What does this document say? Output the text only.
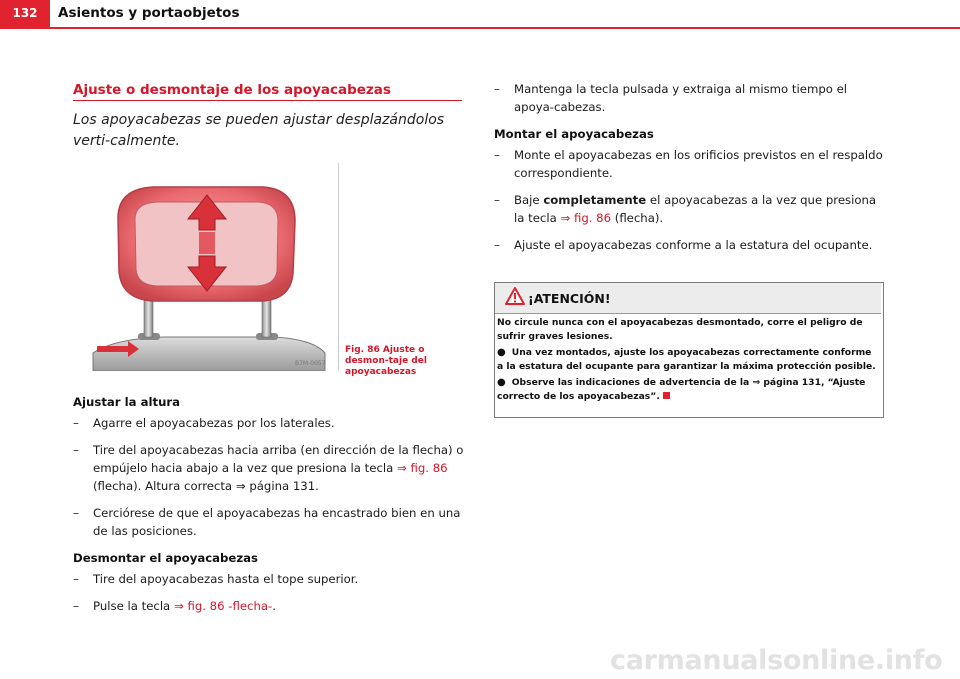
132	Asientos y portaobjetos
Ajuste o desmontaje de los apoyacabezas
Los apoyacabezas se pueden ajustar desplazándolos verti-calmente.
B7M-0057
Fig. 86 Ajuste o desmon-taje del apoyacabezas
Ajustar la altura
– Agarre el apoyacabezas por los laterales.
– Tire del apoyacabezas hacia arriba (en dirección de la flecha) o empújelo hacia abajo a la vez que presiona la tecla ⇒ fig. 86 (flecha). Altura correcta ⇒ página 131.
– Cerciórese de que el apoyacabezas ha encastrado bien en una de las posiciones.
Desmontar el apoyacabezas
– Tire del apoyacabezas hasta el tope superior.
– Pulse la tecla ⇒ fig. 86 -flecha-.
– Mantenga la tecla pulsada y extraiga al mismo tiempo el apoya-cabezas.
Montar el apoyacabezas
– Monte el apoyacabezas en los orificios previstos en el respaldo correspondiente.
– Baje completamente el apoyacabezas a la vez que presiona la tecla ⇒ fig. 86 (flecha).
– Ajuste el apoyacabezas conforme a la estatura del ocupante.
¡ATENCIÓN!
No circule nunca con el apoyacabezas desmontado, corre el peligro de sufrir graves lesiones.
● Una vez montados, ajuste los apoyacabezas correctamente conforme a la estatura del ocupante para garantizar la máxima protección posible.
● Observe las indicaciones de advertencia de la ⇒ página 131, “Ajuste correcto de los apoyacabezas”.
carmanualsonline.info
